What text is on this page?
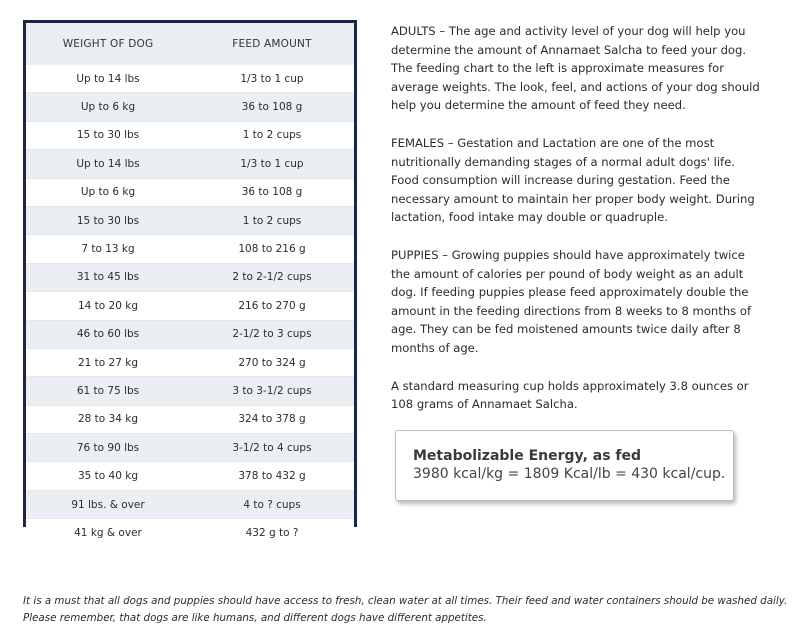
WEIGHT OF DOG	FEED AMOUNT
Up to 14 lbs	1/3 to 1 cup
Up to 6 kg	36 to 108 g
15 to 30 lbs	1 to 2 cups
Up to 14 lbs	1/3 to 1 cup
Up to 6 kg	36 to 108 g
15 to 30 lbs	1 to 2 cups
7 to 13 kg	108 to 216 g
31 to 45 lbs	2 to 2-1/2 cups
14 to 20 kg	216 to 270 g
46 to 60 lbs	2-1/2 to 3 cups
21 to 27 kg	270 to 324 g
61 to 75 lbs	3 to 3-1/2 cups
28 to 34 kg	324 to 378 g
76 to 90 lbs	3-1/2 to 4 cups
35 to 40 kg	378 to 432 g
91 lbs. & over	4 to ? cups
41 kg & over	432 g to ?

ADULTS – The age and activity level of your dog will help you determine the amount of Annamaet Salcha to feed your dog. The feeding chart to the left is approximate measures for average weights. The look, feel, and actions of your dog should help you determine the amount of feed they need.

FEMALES – Gestation and Lactation are one of the most nutritionally demanding stages of a normal adult dogs' life. Food consumption will increase during gestation. Feed the necessary amount to maintain her proper body weight. During lactation, food intake may double or quadruple.

PUPPIES – Growing puppies should have approximately twice the amount of calories per pound of body weight as an adult dog. If feeding puppies please feed approximately double the amount in the feeding directions from 8 weeks to 8 months of age. They can be fed moistened amounts twice daily after 8 months of age.

A standard measuring cup holds approximately 3.8 ounces or 108 grams of Annamaet Salcha.

Metabolizable Energy, as fed
3980 kcal/kg = 1809 Kcal/lb = 430 kcal/cup.
It is a must that all dogs and puppies should have access to fresh, clean water at all times. Their feed and water containers should be washed daily.
Please remember, that dogs are like humans, and different dogs have different appetites.
